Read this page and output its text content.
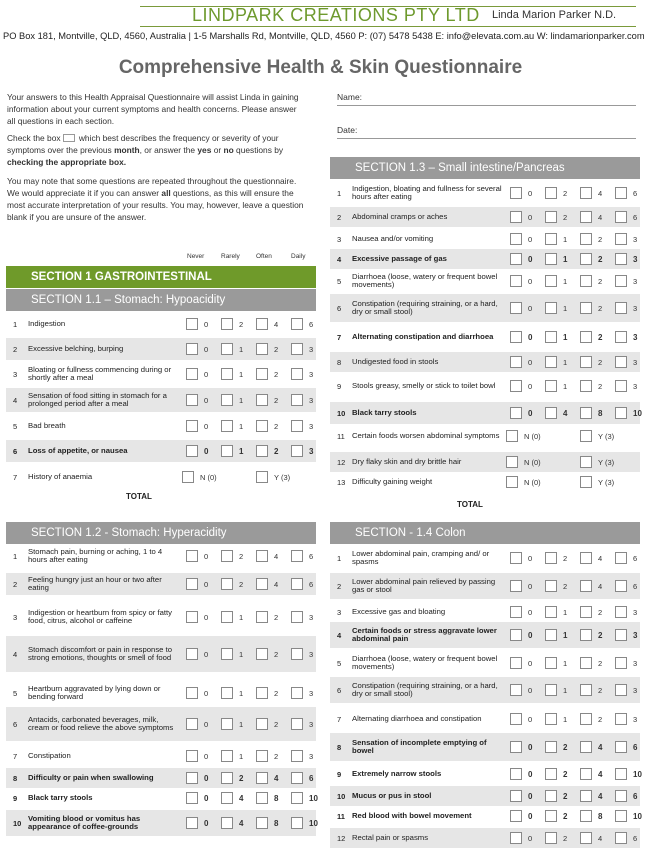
LINDPARK CREATIONS PTY LTD Linda Marion Parker N.D.
PO Box 181, Montville, QLD, 4560, Australia | 1-5 Marshalls Rd, Montville, QLD, 4560 P: (07) 5478 5438 E: info@elevata.com.au W: lindamarionparker.com
Comprehensive Health & Skin Questionnaire
Your answers to this Health Appraisal Questionnaire will assist Linda in gaining information about your current symptoms and health concerns. Please answer all questions in each section.
Check the box which best describes the frequency or severity of your symptoms over the previous month, or answer the yes or no questions by checking the appropriate box.
You may note that some questions are repeated throughout the questionnaire. We would appreciate it if you can answer all questions, as this will ensure the most accurate interpretation of your results. You may, however, leave a question blank if you are unsure of the answer.
Name:
Date:
Never	Rarely Often	Daily
SECTION 1 GASTROINTESTINAL
SECTION 1.1 – Stomach: Hypoacidity
SECTION 1.2 - Stomach: Hyperacidity
SECTION 1.3 – Small intestine/Pancreas
SECTION - 1.4 Colon
TOTAL
TOTAL
1 Indigestion	0	2	4	6
2 Excessive belching, burping	0	1	2	3
3
Bloating or fullness commencing during or shortly after a meal	0	1	2	3
4
Sensation of food sitting in stomach for a prolonged period after a meal	0	1	2	3
5 Bad breath	0	1	2	3
6 Loss of appetite, or nausea	0	1	2	3
7 History of anaemia	N (0)	Y (3)
1
Stomach pain, burning or aching, 1 to 4 hours after eating	0	2	4	6
2
Feeling hungry just an hour or two after eating	0	2	4	6
3
Indigestion or heartburn from spicy or fatty food, citrus, alcohol or caffeine	0	1	2	3
4
Stomach discomfort or pain in response to strong emotions, thoughts or smell of food	0	1	2	3
5
Heartburn aggravated by lying down or bending forward	0	1	2	3
6
Antacids, carbonated beverages, milk, cream or food relieve the above symptoms	0	1	2	3
7 Constipation	0	1	2	3
8 Difficulty or pain when swallowing	0	2	4	6
9 Black tarry stools	0	4	8	10
10
Vomiting blood or vomitus has appearance of coffee-grounds	0	4	8	10
1
Indigestion, bloating and fullness for several hours after eating	0	2	4	6
2 Abdominal cramps or aches	0	2	4	6
3 Nausea and/or vomiting	0	1	2	3
4 Excessive passage of gas	0	1	2	3
5
Diarrhoea (loose, watery or frequent bowel movements)	0	1	2	3
6
Constipation (requiring straining, or a hard, dry or small stool)	0	1	2	3
7 Alternating constipation and diarrhoea	0	1	2	3
8 Undigested food in stools	0	1	2	3
9 Stools greasy, smelly or stick to toilet bowl	0	1	2	3
10 Black tarry stools	0	4	8	10
11 Certain foods worsen abdominal symptoms	N (0)	Y (3)
12 Dry flaky skin and dry brittle hair	N (0)	Y (3)
13 Difficulty gaining weight	N (0)	Y (3)
1
Lower abdominal pain, cramping and/ or spasms	0	2	4	6
2
Lower abdominal pain relieved by passing gas or stool	0	2	4	6
3 Excessive gas and bloating	0	1	2	3
4
Certain foods or stress aggravate lower abdominal pain	0	1	2	3
5
Diarrhoea (loose, watery or frequent bowel movements)	0	1	2	3
6
Constipation (requiring straining, or a hard, dry or small stool)	0	1	2	3
7 Alternating diarrhoea and constipation	0	1	2	3
8
Sensation of incomplete emptying of bowel	0	2	4	6
9 Extremely narrow stools	0	2	4	10
10 Mucus or pus in stool	0	2	4	6
11 Red blood with bowel movement	0	2	8	10
12 Rectal pain or spasms	0	2	4	6
